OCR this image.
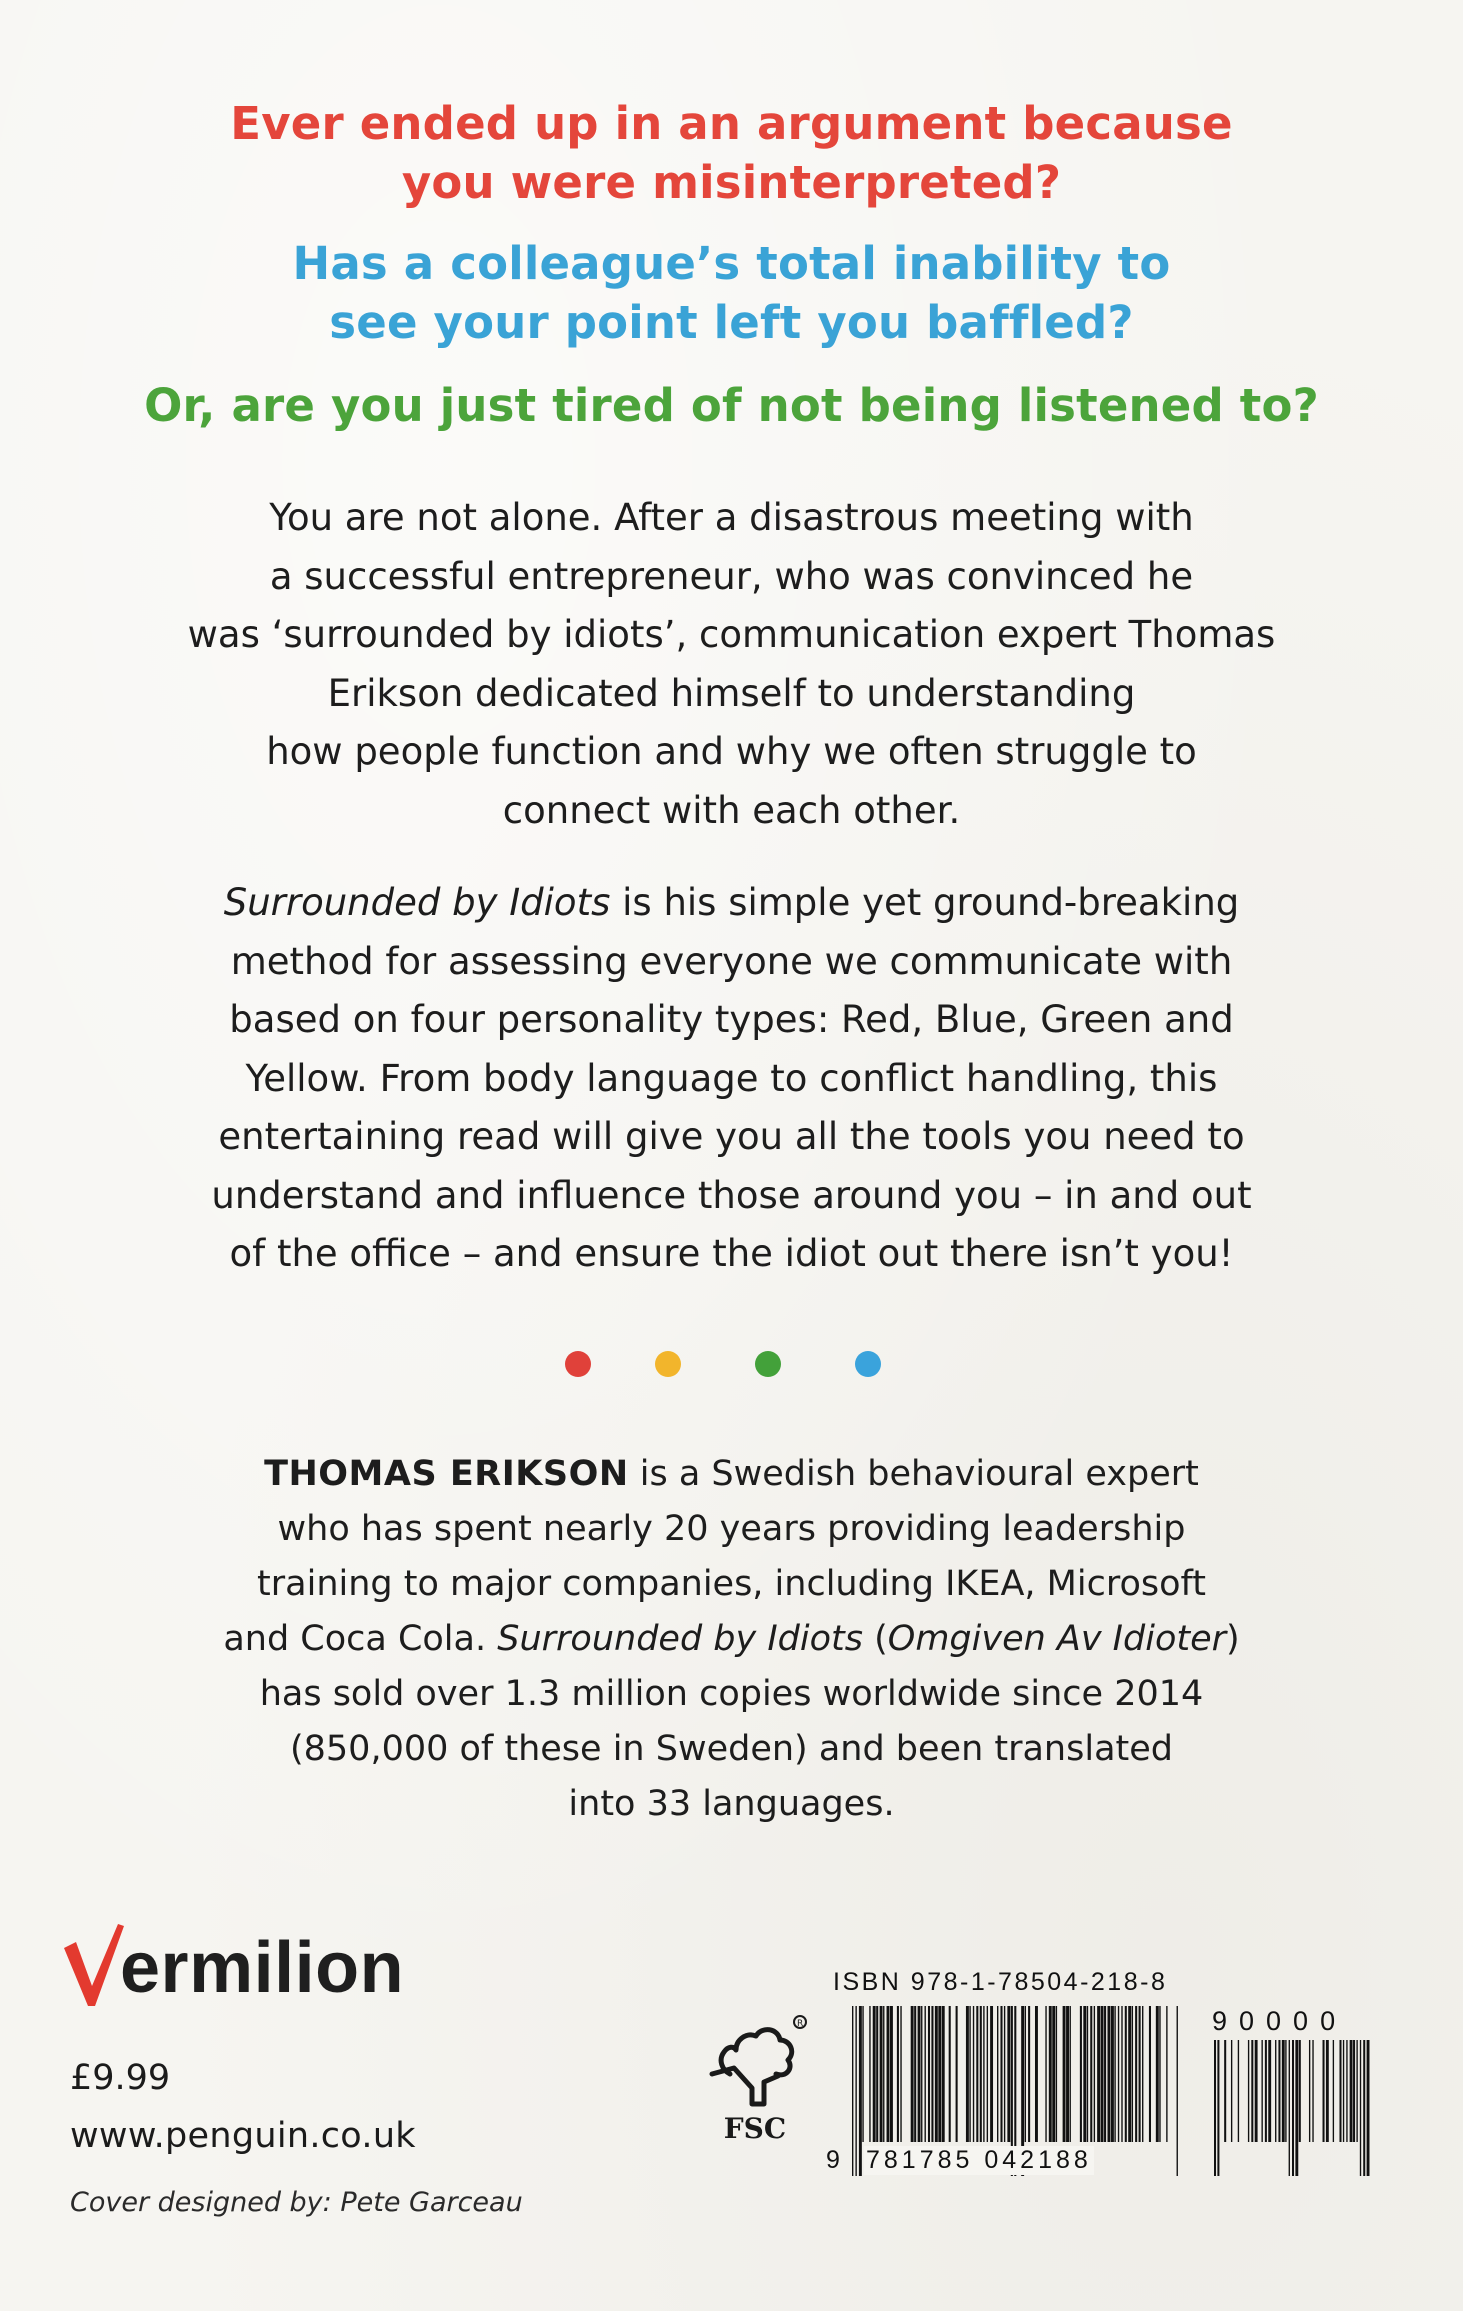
Ever ended up in an argument because
you were misinterpreted?
Has a colleague’s total inability to
see your point left you baffled?
Or, are you just tired of not being listened to?
You are not alone. After a disastrous meeting with
a successful entrepreneur, who was convinced he
was ‘surrounded by idiots’, communication expert Thomas
Erikson dedicated himself to understanding
how people function and why we often struggle to
connect with each other.
Surrounded by Idiots is his simple yet ground-breaking
method for assessing everyone we communicate with
based on four personality types: Red, Blue, Green and
Yellow. From body language to conflict handling, this
entertaining read will give you all the tools you need to
understand and influence those around you – in and out
of the office – and ensure the idiot out there isn’t you!
THOMAS ERIKSON is a Swedish behavioural expert
who has spent nearly 20 years providing leadership
training to major companies, including IKEA, Microsoft
and Coca Cola. Surrounded by Idiots (Omgiven Av Idioter)
has sold over 1.3 million copies worldwide since 2014
(850,000 of these in Sweden) and been translated
into 33 languages.
ermilion
£9.99
www.penguin.co.uk
Cover designed by: Pete Garceau
R
FSC
ISBN 978-1-78504-218-8
9 781785 042188
90000
